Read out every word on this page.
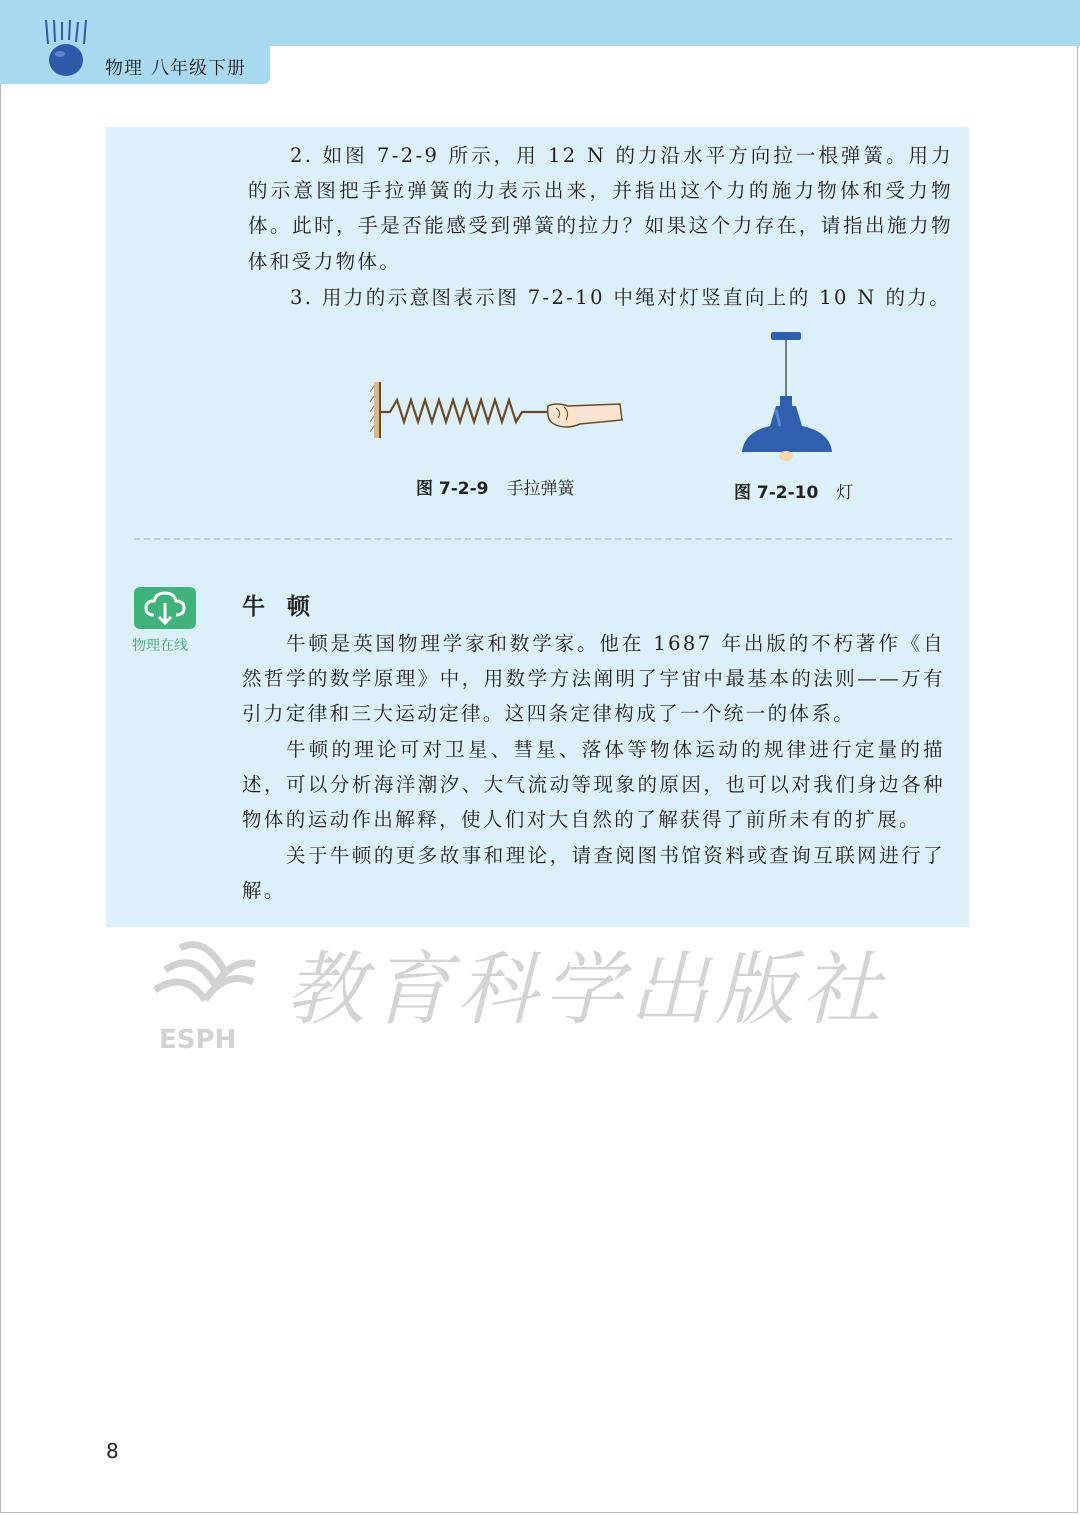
物理 八年级下册

2. 如图 7-2-9 所示，用 12 N 的力沿水平方向拉一根弹簧。用力的示意图把手拉弹簧的力表示出来，并指出这个力的施力物体和受力物体。此时，手是否能感受到弹簧的拉力？如果这个力存在，请指出施力物体和受力物体。

3. 用力的示意图表示图 7-2-10 中绳对灯竖直向上的 10 N 的力。

图 7-2-9 手拉弹簧	图 7-2-10 灯
物理在线
牛顿

牛顿是英国物理学家和数学家。他在 1687 年出版的不朽著作《自然哲学的数学原理》中，用数学方法阐明了宇宙中最基本的法则——万有引力定律和三大运动定律。这四条定律构成了一个统一的体系。

牛顿的理论可对卫星、彗星、落体等物体运动的规律进行定量的描述，可以分析海洋潮汐、大气流动等现象的原因，也可以对我们身边各种物体的运动作出解释，使人们对大自然的了解获得了前所未有的扩展。

关于牛顿的更多故事和理论，请查阅图书馆资料或查询互联网进行了解。

ESPH
教育科学出版社
8
